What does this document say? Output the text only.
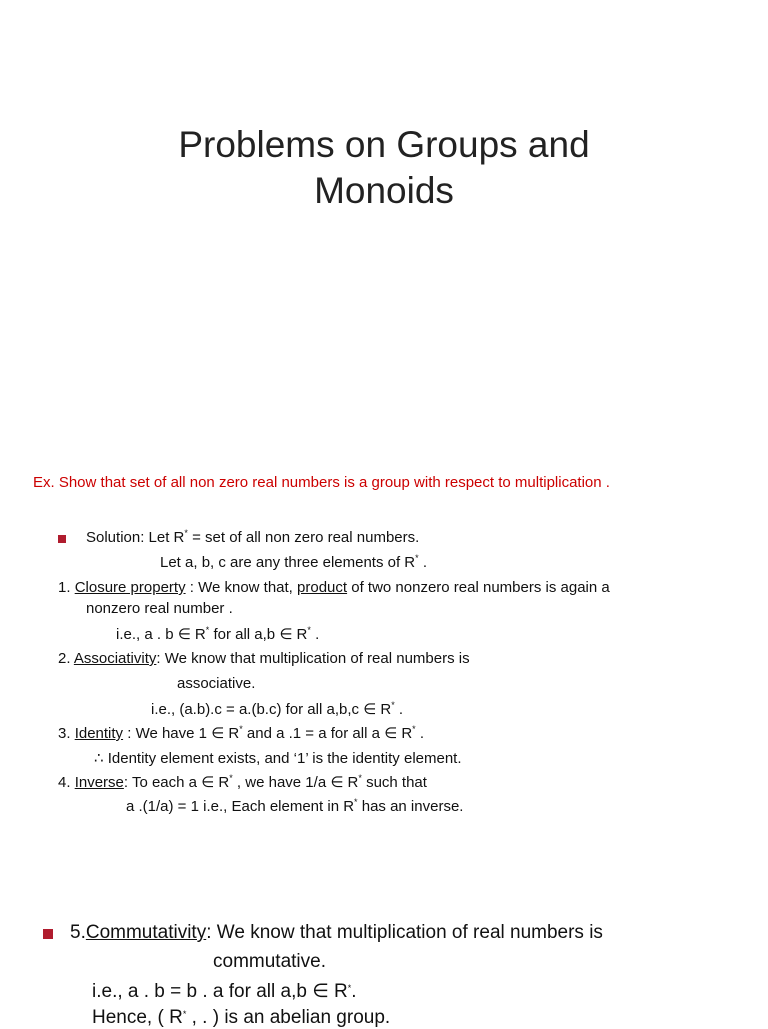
Problems on Groups and
Monoids
Ex. Show that set of all non zero real numbers is a group with respect to multiplication .
Solution: Let R* = set of all non zero real numbers.
Let a, b, c are any three elements of R* .
1. Closure property : We know that, product of two nonzero real numbers is again a
nonzero real number .
i.e., a . b ∈ R* for all a,b ∈ R* .
2. Associativity: We know that multiplication of real numbers is
associative.
i.e., (a.b).c = a.(b.c) for all a,b,c ∈ R* .
3. Identity : We have 1 ∈ R* and a .1 = a for all a ∈ R* .
∴ Identity element exists, and ‘1’ is the identity element.
4. Inverse: To each a ∈ R* , we have 1/a ∈ R* such that
a .(1/a) = 1 i.e., Each element in R* has an inverse.
5.Commutativity: We know that multiplication of real numbers is
commutative.
i.e., a . b = b . a for all a,b ∈ R*.
Hence, ( R* , . ) is an abelian group.
